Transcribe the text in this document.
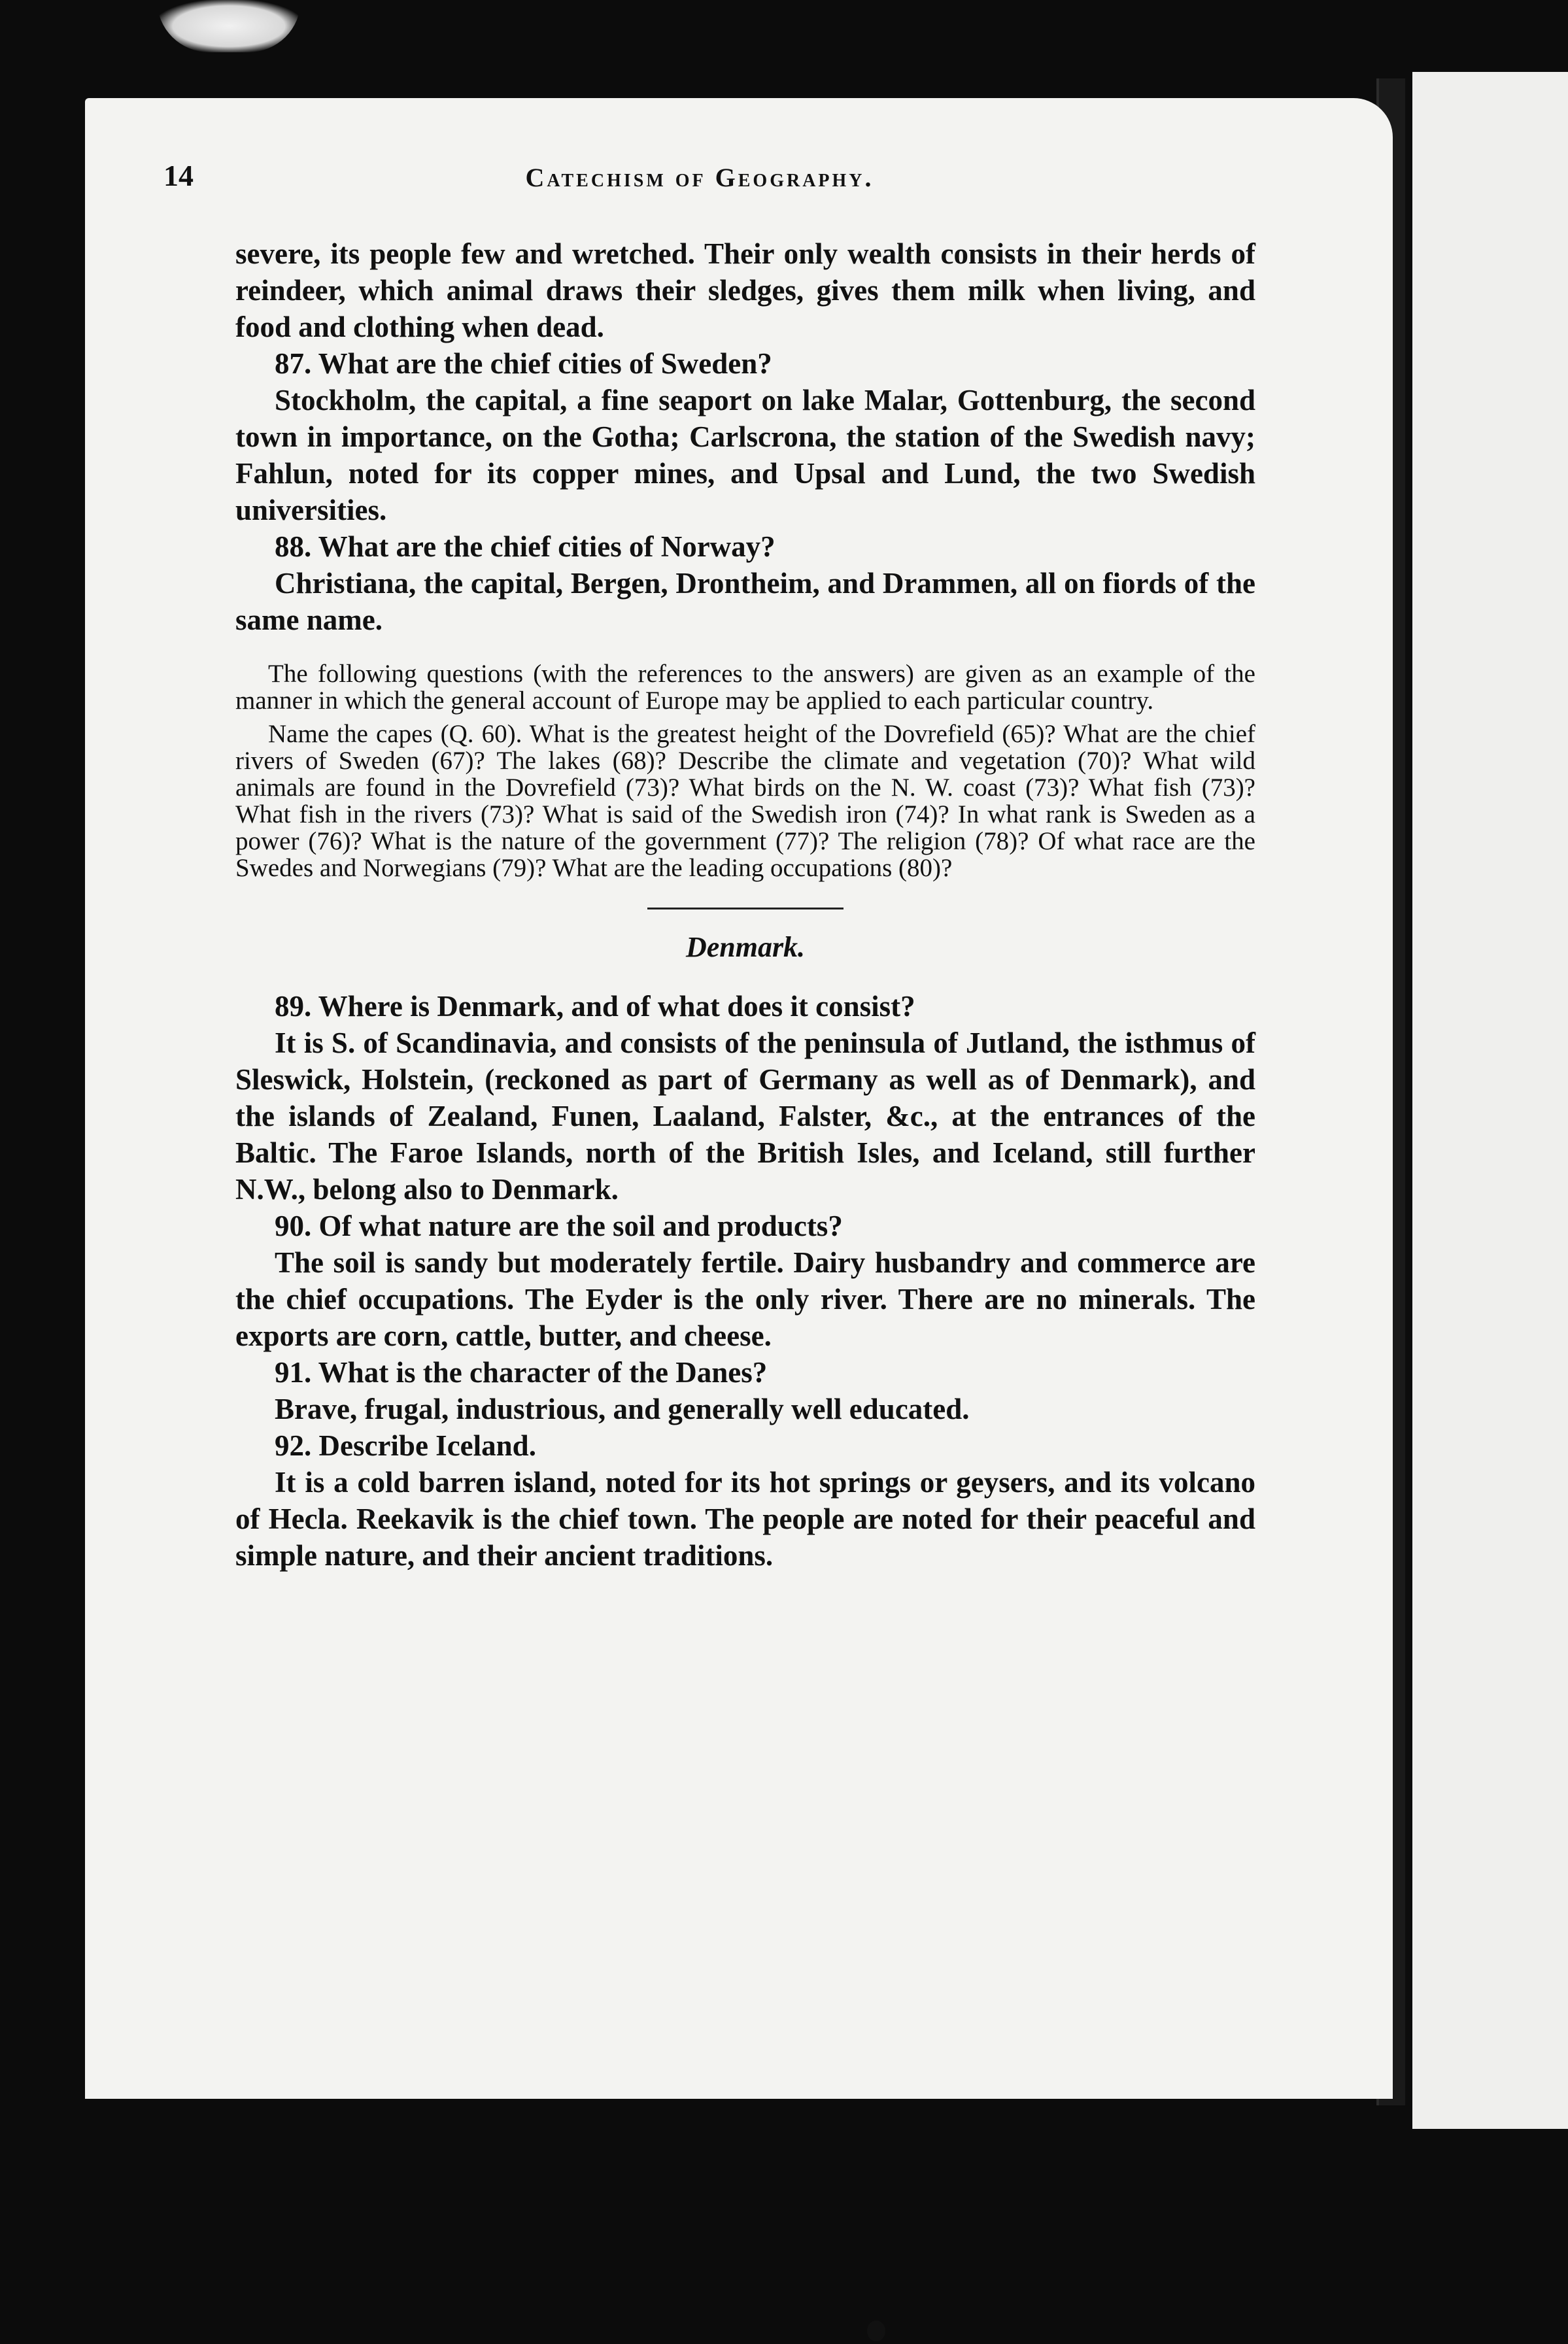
14	Catechism of Geography.

severe, its people few and wretched. Their only wealth consists in their herds of reindeer, which animal draws their sledges, gives them milk when living, and food and clothing when dead.

87. What are the chief cities of Sweden?

Stockholm, the capital, a fine seaport on lake Malar, Gottenburg, the second town in importance, on the Gotha; Carlscrona, the station of the Swedish navy; Fahlun, noted for its copper mines, and Upsal and Lund, the two Swedish universities.

88. What are the chief cities of Norway?

Christiana, the capital, Bergen, Drontheim, and Drammen, all on fiords of the same name.

The following questions (with the references to the answers) are given as an example of the manner in which the general account of Europe may be applied to each particular country.

Name the capes (Q. 60). What is the greatest height of the Dovrefield (65)? What are the chief rivers of Sweden (67)? The lakes (68)? Describe the climate and vegetation (70)? What wild animals are found in the Dovrefield (73)? What birds on the N. W. coast (73)? What fish (73)? What fish in the rivers (73)? What is said of the Swedish iron (74)? In what rank is Sweden as a power (76)? What is the nature of the government (77)? The religion (78)? Of what race are the Swedes and Norwegians (79)? What are the leading occupations (80)?

Denmark.

89. Where is Denmark, and of what does it consist?

It is S. of Scandinavia, and consists of the peninsula of Jutland, the isthmus of Sleswick, Holstein, (reckoned as part of Germany as well as of Denmark), and the islands of Zealand, Funen, Laaland, Falster, &c., at the entrances of the Baltic. The Faroe Islands, north of the British Isles, and Iceland, still further N.W., belong also to Denmark.

90. Of what nature are the soil and products?

The soil is sandy but moderately fertile. Dairy husbandry and commerce are the chief occupations. The Eyder is the only river. There are no minerals. The exports are corn, cattle, butter, and cheese.

91. What is the character of the Danes?

Brave, frugal, industrious, and generally well educated.

92. Describe Iceland.

It is a cold barren island, noted for its hot springs or geysers, and its volcano of Hecla. Reekavik is the chief town. The people are noted for their peaceful and simple nature, and their ancient traditions.
